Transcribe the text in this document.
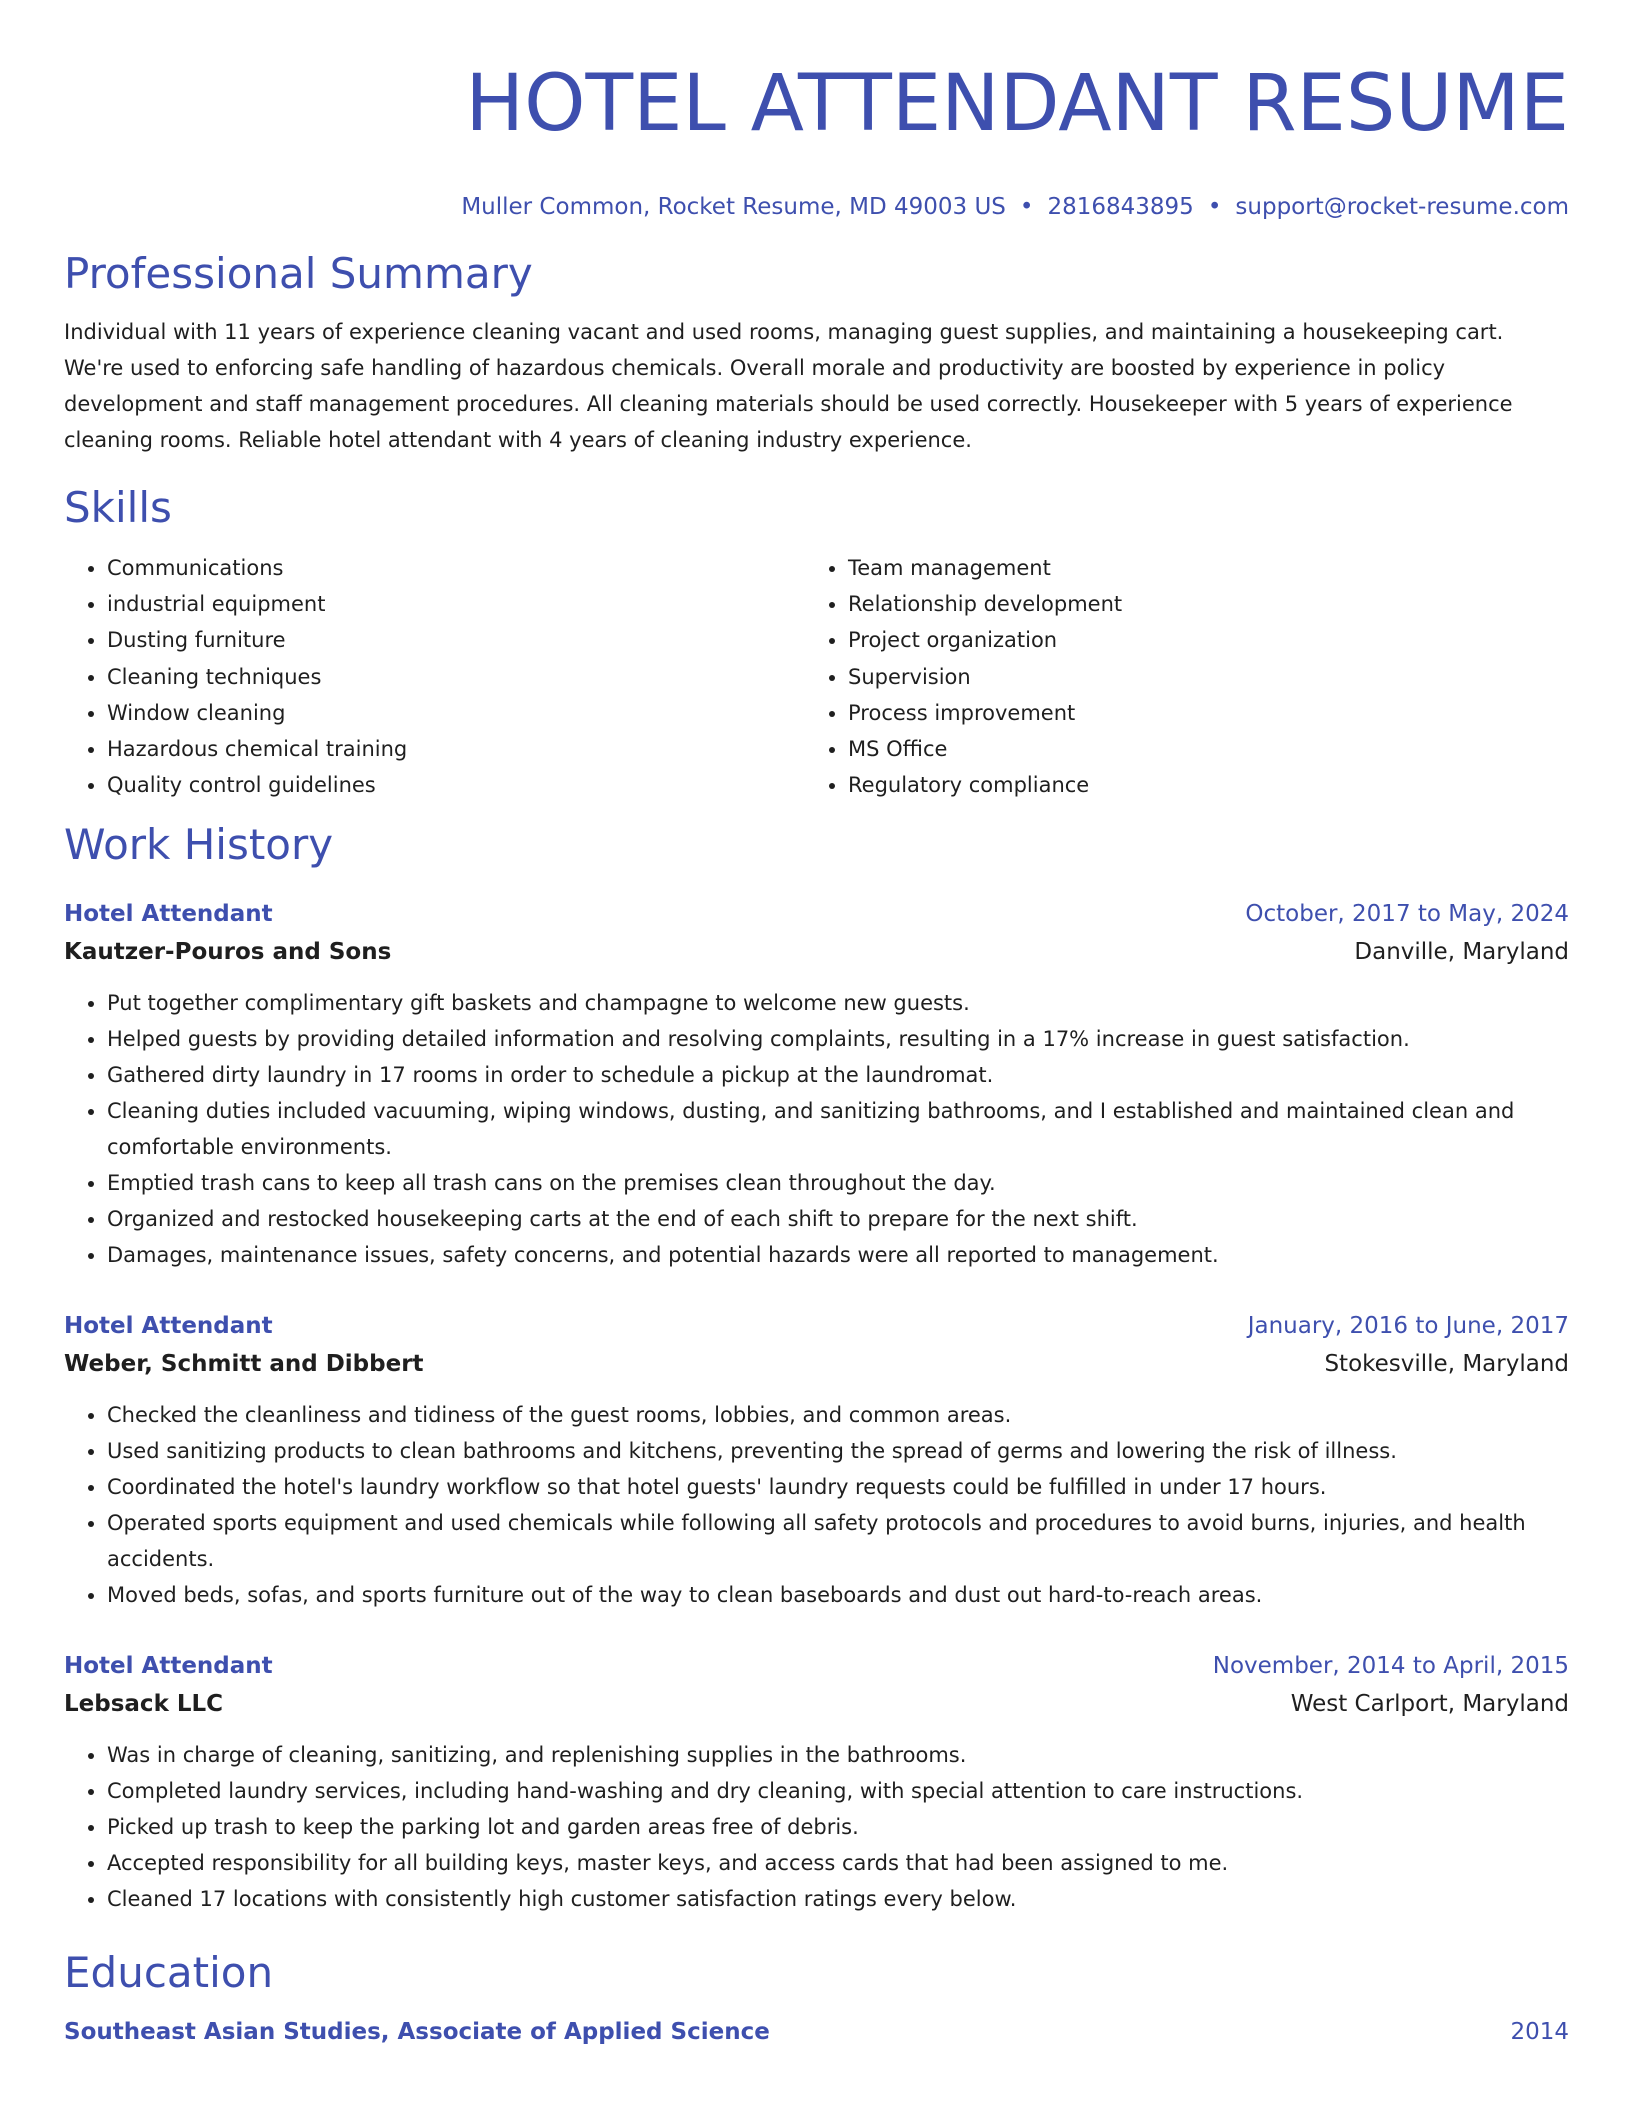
HOTEL ATTENDANT RESUME
Muller Common, Rocket Resume, MD 49003 US • 2816843895 • support@rocket-resume.com
Professional Summary

Individual with 11 years of experience cleaning vacant and used rooms, managing guest supplies, and maintaining a housekeeping cart. We're used to enforcing safe handling of hazardous chemicals. Overall morale and productivity are boosted by experience in policy development and staff management procedures. All cleaning materials should be used correctly. Housekeeper with 5 years of experience cleaning rooms. Reliable hotel attendant with 4 years of cleaning industry experience.

Skills
• Communications
• industrial equipment
• Dusting furniture
• Cleaning techniques
• Window cleaning
• Hazardous chemical training
• Quality control guidelines
• Team management
• Relationship development
• Project organization
• Supervision
• Process improvement
• MS Office
• Regulatory compliance
Work History
Hotel Attendant	October, 2017 to May, 2024
Kautzer-Pouros and Sons	Danville, Maryland
• Put together complimentary gift baskets and champagne to welcome new guests.
• Helped guests by providing detailed information and resolving complaints, resulting in a 17% increase in guest satisfaction.
• Gathered dirty laundry in 17 rooms in order to schedule a pickup at the laundromat.
• Cleaning duties included vacuuming, wiping windows, dusting, and sanitizing bathrooms, and I established and maintained clean and comfortable environments.
• Emptied trash cans to keep all trash cans on the premises clean throughout the day.
• Organized and restocked housekeeping carts at the end of each shift to prepare for the next shift.
• Damages, maintenance issues, safety concerns, and potential hazards were all reported to management.
Hotel Attendant	January, 2016 to June, 2017
Weber, Schmitt and Dibbert	Stokesville, Maryland
• Checked the cleanliness and tidiness of the guest rooms, lobbies, and common areas.
• Used sanitizing products to clean bathrooms and kitchens, preventing the spread of germs and lowering the risk of illness.
• Coordinated the hotel's laundry workflow so that hotel guests' laundry requests could be fulfilled in under 17 hours.
• Operated sports equipment and used chemicals while following all safety protocols and procedures to avoid burns, injuries, and health accidents.
• Moved beds, sofas, and sports furniture out of the way to clean baseboards and dust out hard-to-reach areas.
Hotel Attendant	November, 2014 to April, 2015
Lebsack LLC	West Carlport, Maryland
• Was in charge of cleaning, sanitizing, and replenishing supplies in the bathrooms.
• Completed laundry services, including hand-washing and dry cleaning, with special attention to care instructions.
• Picked up trash to keep the parking lot and garden areas free of debris.
• Accepted responsibility for all building keys, master keys, and access cards that had been assigned to me.
• Cleaned 17 locations with consistently high customer satisfaction ratings every below.
Education
Southeast Asian Studies, Associate of Applied Science	2014
